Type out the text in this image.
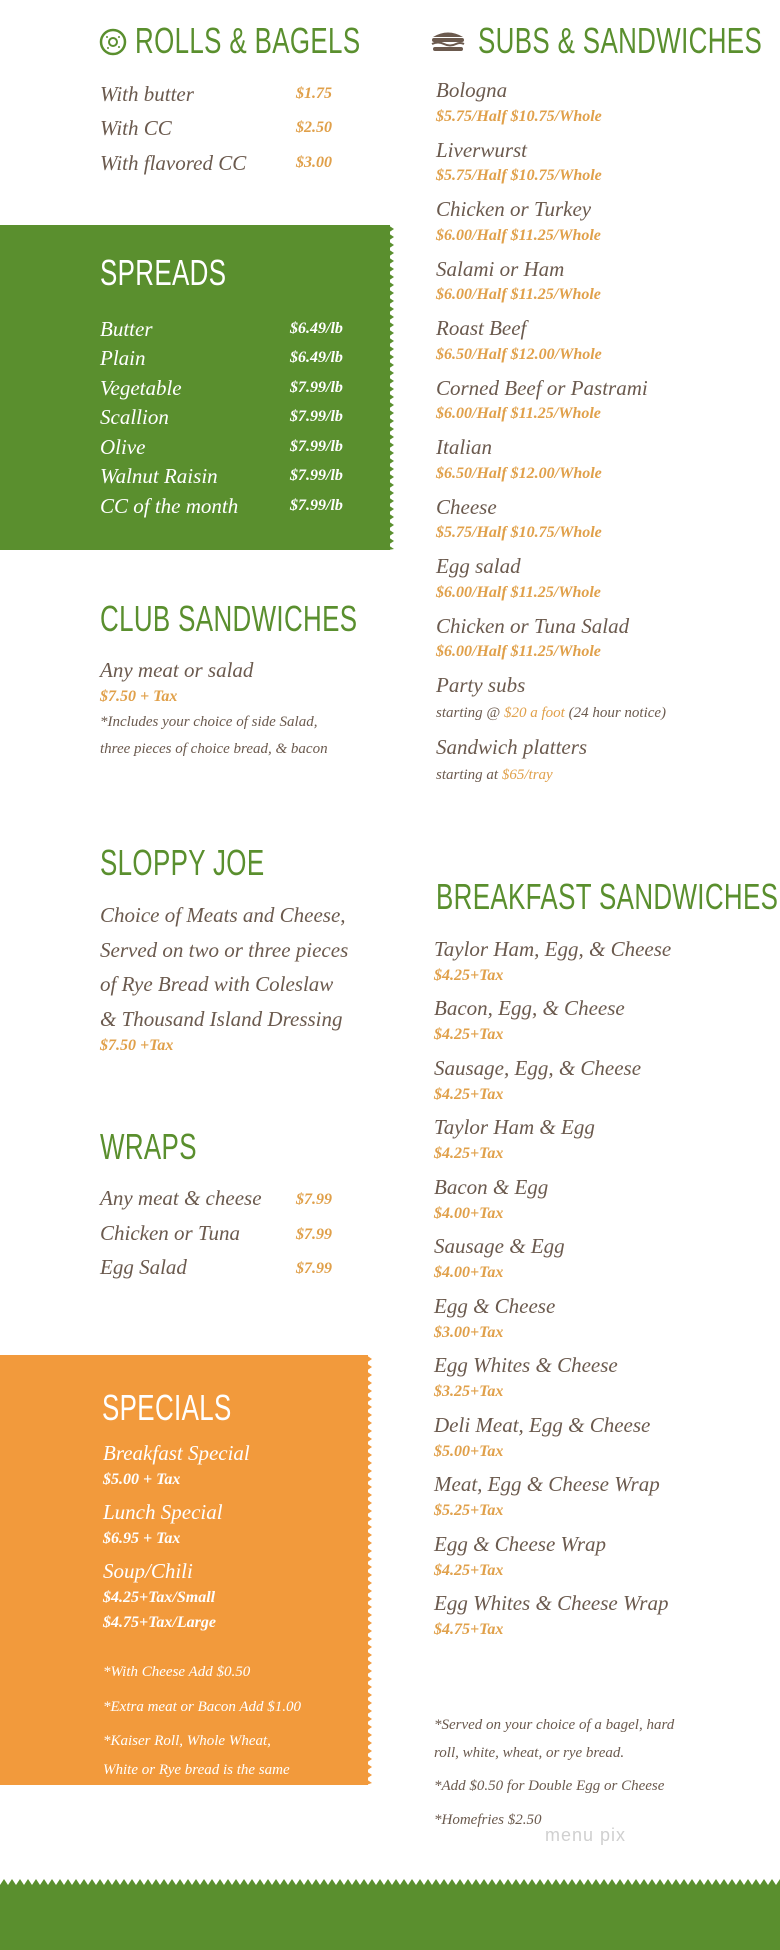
ROLLS & BAGELS
With butter	$1.75
With CC	$2.50
With flavored CC	$3.00
SPREADS
Butter	$6.49/lb
Plain	$6.49/lb
Vegetable	$7.99/lb
Scallion	$7.99/lb
Olive	$7.99/lb
Walnut Raisin	$7.99/lb
CC of the month	$7.99/lb
CLUB SANDWICHES
Any meat or salad
$7.50 + Tax
*Includes your choice of side Salad,
three pieces of choice bread, & bacon
SLOPPY JOE
Choice of Meats and Cheese,
Served on two or three pieces
of Rye Bread with Coleslaw
& Thousand Island Dressing
$7.50 +Tax
WRAPS
Any meat & cheese $7.99
Chicken or Tuna	$7.99
Egg Salad	$7.99
SPECIALS
Breakfast Special
$5.00 + Tax
Lunch Special
$6.95 + Tax
Soup/Chili
$4.25+Tax/Small
$4.75+Tax/Large
*With Cheese Add $0.50
*Extra meat or Bacon Add $1.00
*Kaiser Roll, Whole Wheat,
White or Rye bread is the same
price as a half sub.
*Tax is not included on all items
SUBS & SANDWICHES
Bologna
$5.75/Half $10.75/Whole
Liverwurst
$5.75/Half $10.75/Whole
Chicken or Turkey
$6.00/Half $11.25/Whole
Salami or Ham
$6.00/Half $11.25/Whole
Roast Beef
$6.50/Half $12.00/Whole
Corned Beef or Pastrami
$6.00/Half $11.25/Whole
Italian
$6.50/Half $12.00/Whole
Cheese
$5.75/Half $10.75/Whole
Egg salad
$6.00/Half $11.25/Whole
Chicken or Tuna Salad
$6.00/Half $11.25/Whole
Party subs
starting @ $20 a foot (24 hour notice)
Sandwich platters
starting at $65/tray
BREAKFAST SANDWICHES
Taylor Ham, Egg, & Cheese
$4.25+Tax
Bacon, Egg, & Cheese
$4.25+Tax
Sausage, Egg, & Cheese
$4.25+Tax
Taylor Ham & Egg
$4.25+Tax
Bacon & Egg
$4.00+Tax
Sausage & Egg
$4.00+Tax
Egg & Cheese
$3.00+Tax
Egg Whites & Cheese
$3.25+Tax
Deli Meat, Egg & Cheese
$5.00+Tax
Meat, Egg & Cheese Wrap
$5.25+Tax
Egg & Cheese Wrap
$4.25+Tax
Egg Whites & Cheese Wrap
$4.75+Tax
*Served on your choice of a bagel, hard
roll, white, wheat, or rye bread.
*Add $0.50 for Double Egg or Cheese
*Homefries $2.50
menu pix
